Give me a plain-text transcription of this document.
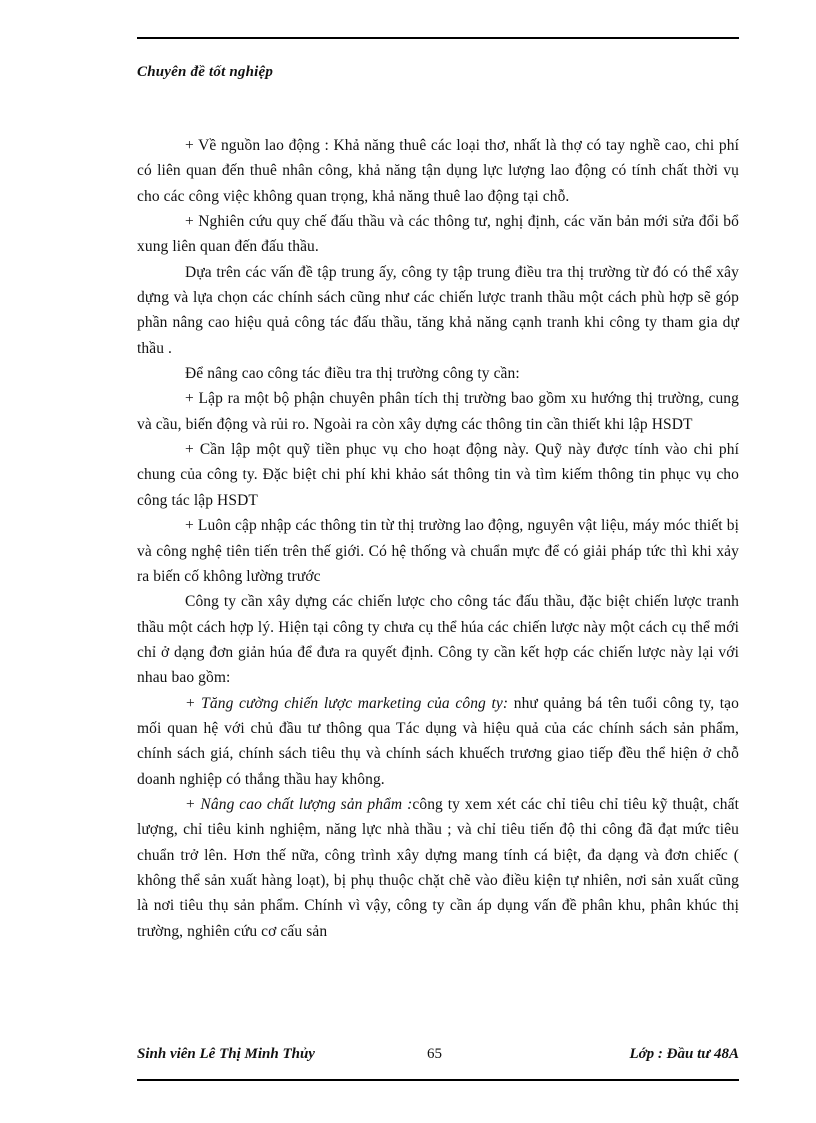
Chuyên đề tốt nghiệp

+ Về nguồn lao động : Khả năng thuê các loại thơ, nhất là thợ có tay nghề cao, chi phí có liên quan đến thuê nhân công, khả năng tận dụng lực lượng lao động có tính chất thời vụ cho các công việc không quan trọng, khả năng thuê lao động tại chỗ.

+ Nghiên cứu quy chế đấu thầu và các thông tư, nghị định, các văn bản mới sửa đổi bổ xung liên quan đến đấu thầu.

Dựa trên các vấn đề tập trung ấy, công ty tập trung điều tra thị trường từ đó có thể xây dựng và lựa chọn các chính sách cũng như các chiến lược tranh thầu một cách phù hợp sẽ góp phần nâng cao hiệu quả công tác đấu thầu, tăng khả năng cạnh tranh khi công ty tham gia dự thầu .

Để nâng cao công tác điều tra thị trường công ty cần:

+ Lập ra một bộ phận chuyên phân tích thị trường bao gồm xu hướng thị trường, cung và cầu, biến động và rủi ro. Ngoài ra còn xây dựng các thông tin cần thiết khi lập HSDT

+ Cần lập một quỹ tiền phục vụ cho hoạt động này. Quỹ này được tính vào chi phí chung của công ty. Đặc biệt chi phí khi khảo sát thông tin và tìm kiếm thông tin phục vụ cho công tác lập HSDT

+ Luôn cập nhập các thông tin từ thị trường lao động, nguyên vật liệu, máy móc thiết bị và công nghệ tiên tiến trên thế giới. Có hệ thống và chuẩn mực để có giải pháp tức thì khi xảy ra biến cố không lường trước

Công ty cần xây dựng các chiến lược cho công tác đấu thầu, đặc biệt chiến lược tranh thầu một cách hợp lý. Hiện tại công ty chưa cụ thể húa các chiến lược này một cách cụ thể mới chỉ ở dạng đơn giản húa để đưa ra quyết định. Công ty cần kết hợp các chiến lược này lại với nhau bao gồm:

+ Tăng cường chiến lược marketing của công ty: như quảng bá tên tuổi công ty, tạo mối quan hệ với chủ đầu tư thông qua Tác dụng và hiệu quả của các chính sách sản phẩm, chính sách giá, chính sách tiêu thụ và chính sách khuếch trương giao tiếp đều thể hiện ở chỗ doanh nghiệp có thắng thầu hay không.

+ Nâng cao chất lượng sản phẩm :công ty xem xét các chỉ tiêu chỉ tiêu kỹ thuật, chất lượng, chỉ tiêu kinh nghiệm, năng lực nhà thầu ; và chỉ tiêu tiến độ thi công đã đạt mức tiêu chuẩn trở lên. Hơn thế nữa, công trình xây dựng mang tính cá biệt, đa dạng và đơn chiếc ( không thể sản xuất hàng loạt), bị phụ thuộc chặt chẽ vào điều kiện tự nhiên, nơi sản xuất cũng là nơi tiêu thụ sản phẩm. Chính vì vậy, công ty cần áp dụng vấn đề phân khu, phân khúc thị trường, nghiên cứu cơ cấu sản

Sinh viên Lê Thị Minh Thủy	65	Lớp : Đầu tư 48A
